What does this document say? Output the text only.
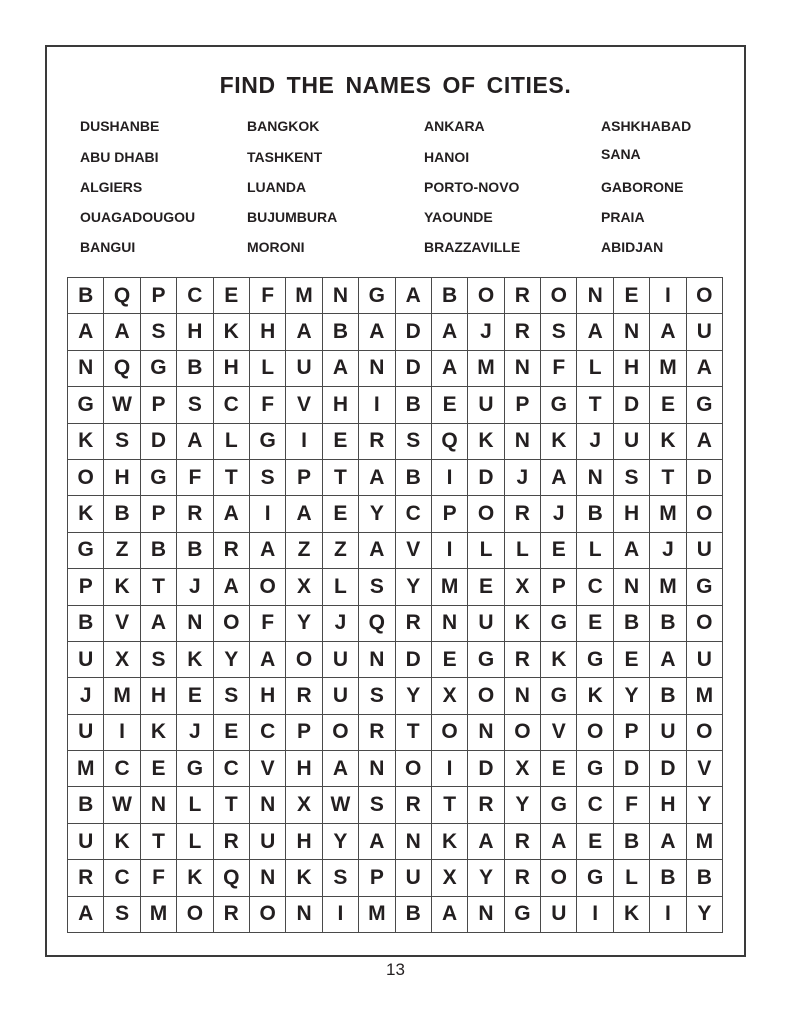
FIND THE NAMES OF CITIES.
DUSHANBE	BANGKOK	ANKARA	ASHKHABAD
ABU DHABI	TASHKENT	HANOI	SANA
ALGIERS	LUANDA	PORTO-NOVO	GABORONE
OUAGADOUGOU	BUJUMBURA	YAOUNDE	PRAIA
BANGUI	MORONI	BRAZZAVILLE	ABIDJAN
B	Q	P	C	E	F	M	N	G	A	B	O	R	O	N	E	I	O
A	A	S	H	K	H	A	B	A	D	A	J	R	S	A	N	A	U
N	Q	G	B	H	L	U	A	N	D	A	M	N	F	L	H	M	A
G	W	P	S	C	F	V	H	I	B	E	U	P	G	T	D	E	G
K	S	D	A	L	G	I	E	R	S	Q	K	N	K	J	U	K	A
O	H	G	F	T	S	P	T	A	B	I	D	J	A	N	S	T	D
K	B	P	R	A	I	A	E	Y	C	P	O	R	J	B	H	M	O
G	Z	B	B	R	A	Z	Z	A	V	I	L	L	E	L	A	J	U
P	K	T	J	A	O	X	L	S	Y	M	E	X	P	C	N	M	G
B	V	A	N	O	F	Y	J	Q	R	N	U	K	G	E	B	B	O
U	X	S	K	Y	A	O	U	N	D	E	G	R	K	G	E	A	U
J	M	H	E	S	H	R	U	S	Y	X	O	N	G	K	Y	B	M
U	I	K	J	E	C	P	O	R	T	O	N	O	V	O	P	U	O
M	C	E	G	C	V	H	A	N	O	I	D	X	E	G	D	D	V
B	W	N	L	T	N	X	W	S	R	T	R	Y	G	C	F	H	Y
U	K	T	L	R	U	H	Y	A	N	K	A	R	A	E	B	A	M
R	C	F	K	Q	N	K	S	P	U	X	Y	R	O	G	L	B	B
A	S	M	O	R	O	N	I	M	B	A	N	G	U	I	K	I	Y
13
